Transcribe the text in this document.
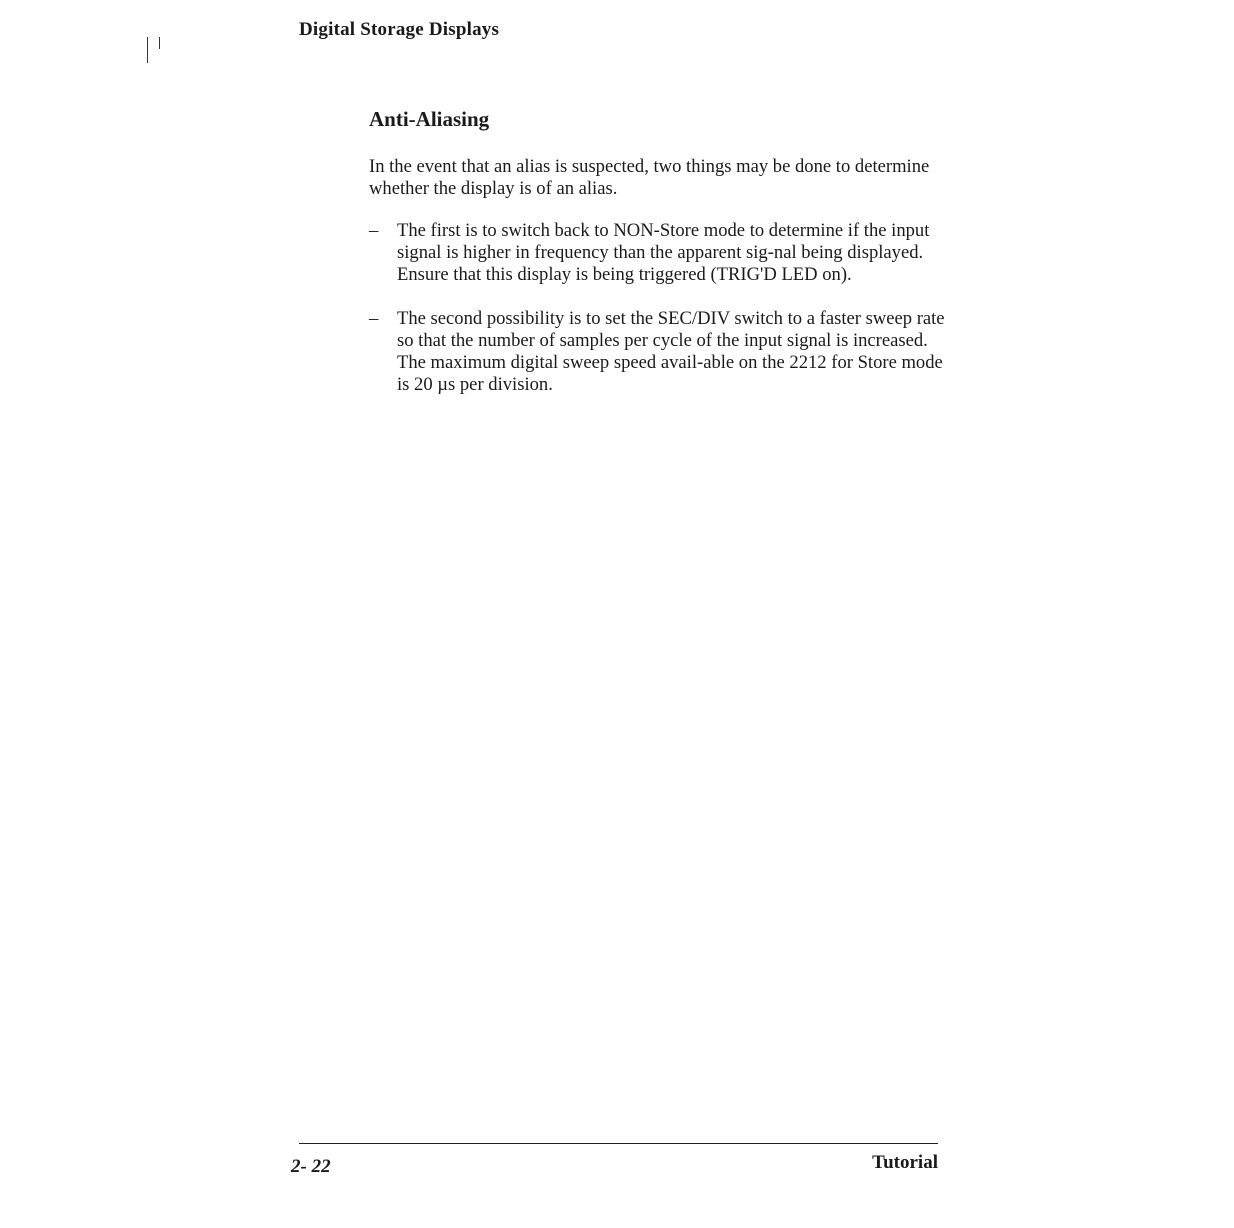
Digital Storage Displays
Anti-Aliasing
In the event that an alias is suspected, two things may be done to determine whether the display is of an alias.
– The first is to switch back to NON-Store mode to determine if the input signal is higher in frequency than the apparent sig-nal being displayed. Ensure that this display is being triggered (TRIG'D LED on).
– The second possibility is to set the SEC/DIV switch to a faster sweep rate so that the number of samples per cycle of the input signal is increased. The maximum digital sweep speed avail-able on the 2212 for Store mode is 20 µs per division.
2- 22	Tutorial
